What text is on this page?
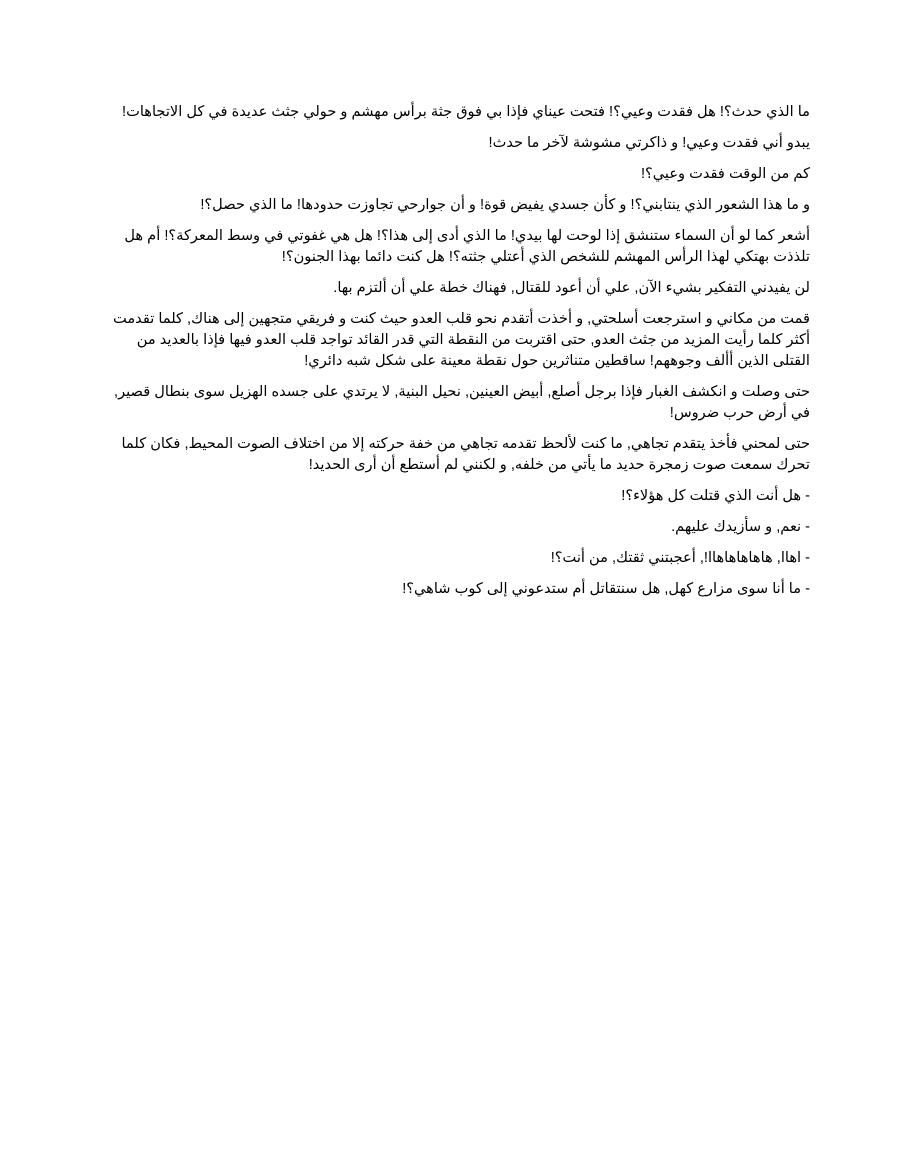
ما الذي حدث؟! هل فقدت وعيي؟! فتحت عيناي فإذا بي فوق جثة برأس مهشم و حولي جثث عديدة في كل الاتجاهات!

يبدو أني فقدت وعيي! و ذاكرتي مشوشة لآخر ما حدث!

كم من الوقت فقدت وعيي؟!

و ما هذا الشعور الذي ينتابني؟! و كأن جسدي يفيض قوة! و أن جوارحي تجاوزت حدودها! ما الذي حصل؟!

أشعر كما لو أن السماء ستنشق إذا لوحت لها بيدي! ما الذي أدى إلى هذا؟! هل هي غفوتي في وسط المعركة؟! أم هل تلذذت بهتكي لهذا الرأس المهشم للشخص الذي أعتلي جثته؟! هل كنت دائما بهذا الجنون؟!

لن يفيدني التفكير بشيء الآن, علي أن أعود للقتال, فهناك خطة علي أن ألتزم بها.

قمت من مكاني و استرجعت أسلحتي, و أخذت أتقدم نحو قلب العدو حيث كنت و فريقي متجهين إلى هناك, كلما تقدمت أكثر كلما رأيت المزيد من جثث العدو, حتى اقتربت من النقطة التي قدر القائد تواجد قلب العدو فيها فإذا بالعديد من القتلى الذين أألف وجوههم! ساقطين متناثرين حول نقطة معينة على شكل شبه دائري!

حتى وصلت و انكشف الغبار فإذا برجل أصلع, أبيض العينين, نحيل البنية, لا يرتدي على جسده الهزيل سوى بنطال قصير, في أرض حرب ضروس!

حتى لمحني فأخذ يتقدم تجاهي, ما كنت لألحظ تقدمه تجاهي من خفة حركته إلا من اختلاف الصوت المحيط, فكان كلما تحرك سمعت صوت زمجرة حديد ما يأتي من خلفه, و لكنني لم أستطع أن أرى الحديد!

- هل أنت الذي قتلت كل هؤلاء؟!

- نعم, و سأزيدك عليهم.

- اهاا, هاهاهاهاهاا!, أعجبتني ثقتك, من أنت؟!

- ما أنا سوى مزارع كهل, هل سنتقاتل أم ستدعوني إلى كوب شاهي؟!
